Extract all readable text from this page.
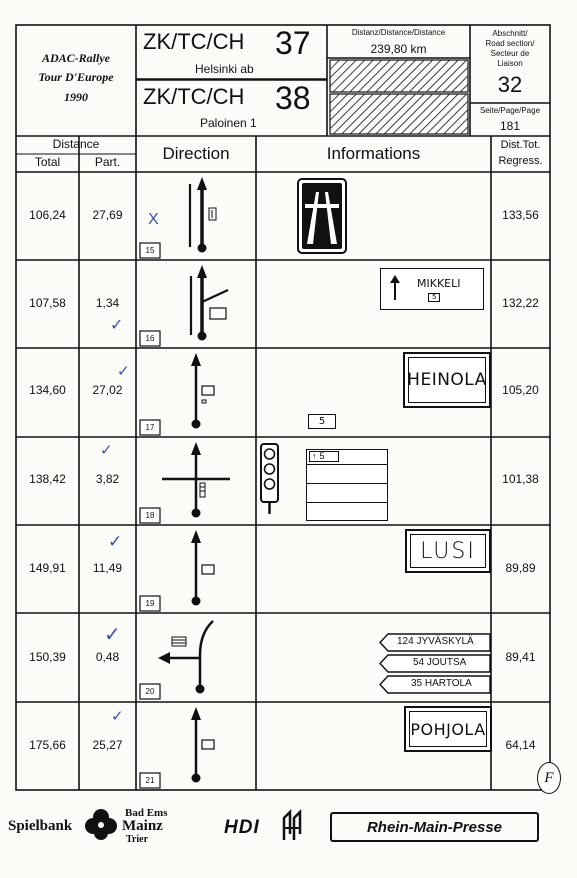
MIKKELI
5
HEINOLA
5
↑ 5
LUSI
124 JYVÄSKYLÄ
54 JOUTSA
35 HARTOLA
POHJOLA
ADAC-Rallye
Tour D'Europe
1990
ZK/TC/CH 37
Helsinki ab
ZK/TC/CH 38
Paloinen 1
Distanz/Distance/Distance
239,80 km
Abschnitt/
Road section/
Secteur de
Liaison
32
Seite/Page/Page
181
Distance
Total	Part.	Direction	Informations	Dist.Tot.
Regress.
106,24	27,69	133,56
15
X
107,58	1,34	132,22
16
✓
134,60	27,02	105,20
17
✓
138,42	3,82	101,38
18
✓
149,91	11,49	89,89
19
✓
150,39	0,48	89,41
20
✓
175,66	25,27	64,14
21
✓
F
Spielbank
Bad Ems
Mainz
Trier
HDI	Rhein-Main-Presse
